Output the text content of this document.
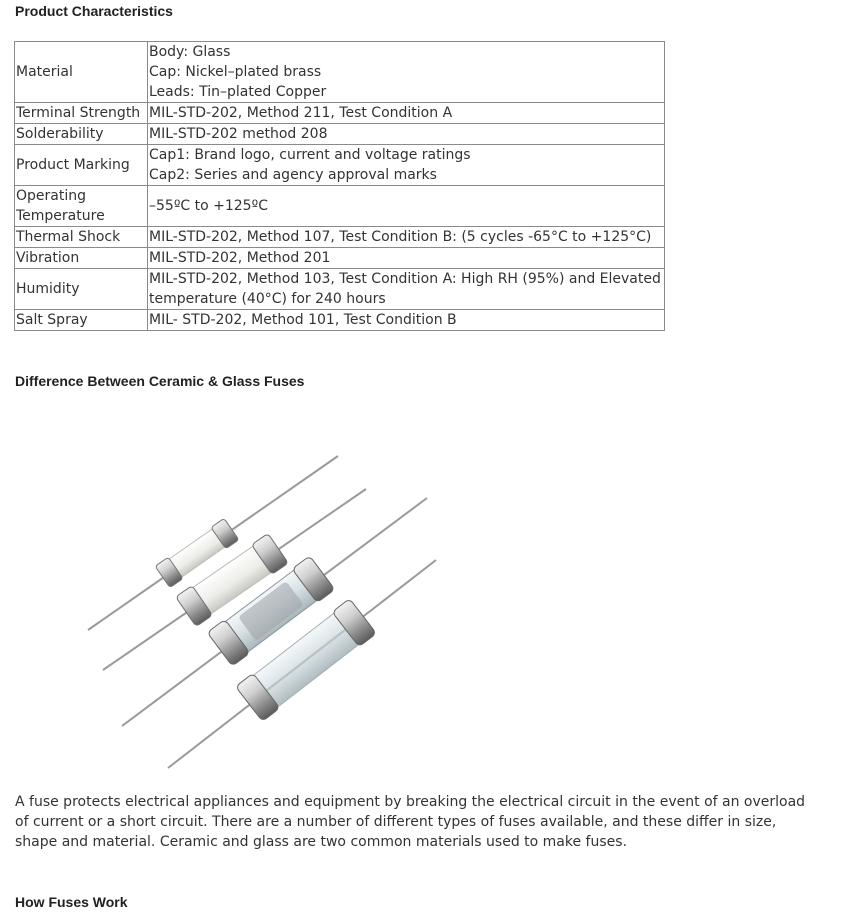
Product Characteristics
Material	Body: Glass
Cap: Nickel–plated brass
Leads: Tin–plated Copper

Terminal Strength	MIL-STD-202, Method 211, Test Condition A
Solderability	MIL-STD-202 method 208
Product Marking	Cap1: Brand logo, current and voltage ratings
Cap2: Series and agency approval marks

Operating Temperature	–55ºC to +125ºC
Thermal Shock	MIL-STD-202, Method 107, Test Condition B: (5 cycles -65°C to +125°C)
Vibration	MIL-STD-202, Method 201
Humidity	MIL-STD-202, Method 103, Test Condition A: High RH (95%) and Elevated temperature (40°C) for 240 hours
Salt Spray	MIL- STD-202, Method 101, Test Condition B
Difference Between Ceramic & Glass Fuses

A fuse protects electrical appliances and equipment by breaking the electrical circuit in the event of an overload of current or a short circuit. There are a number of different types of fuses available, and these differ in size, shape and material. Ceramic and glass are two common materials used to make fuses.

How Fuses Work
